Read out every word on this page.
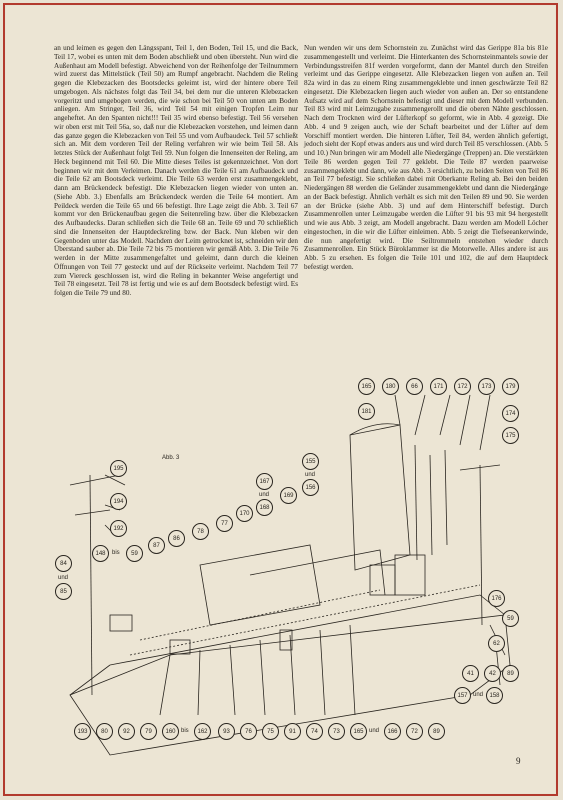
an und leimen es gegen den Längsspant, Teil 1, den Boden, Teil 15, und die Back, Teil 17, wobei es unten mit dem Boden abschließt und oben übersteht. Nun wird die Außenhaut am Modell befestigt. Abweichend von der Reihenfolge der Teilnummern wird zuerst das Mittelstück (Teil 50) am Rumpf angebracht. Nachdem die Reling gegen die Klebezacken des Bootsdecks geleimt ist, wird der hintere obere Teil umgebogen. Als nächstes folgt das Teil 34, bei dem nur die unteren Klebezacken vorgeritzt und umgebogen werden, die wie schon bei Teil 50 von unten am Boden anliegen. Am Stringer, Teil 36, wird Teil 54 mit einigen Tropfen Leim nur angeheftet. An den Spanten nicht!!! Teil 35 wird ebenso befestigt. Teil 56 versehen wir oben erst mit Teil 56a, so, daß nur die Klebezacken vorstehen, und leimen dann das ganze gegen die Klebezacken von Teil 55 und vom Aufbaudeck. Teil 57 schließt sich an. Mit dem vorderen Teil der Reling verfahren wir wie beim Teil 58. Als letztes Stück der Außenhaut folgt Teil 59. Nun folgen die Innenseiten der Reling, am Heck beginnend mit Teil 60. Die Mitte dieses Teiles ist gekennzeichnet. Von dort beginnen wir mit dem Verleimen. Danach werden die Teile 61 am Aufbaudeck und die Teile 62 am Bootsdeck verleimt. Die Teile 63 werden erst zusammengeklebt, dann am Brückendeck befestigt. Die Klebezacken liegen wieder von unten an. (Siehe Abb. 3.) Ebenfalls am Brückendeck werden die Teile 64 montiert. Am Peildeck werden die Teile 65 und 66 befestigt. Ihre Lage zeigt die Abb. 3. Teil 67 kommt vor den Brückenaufbau gegen die Seitenreling bzw. über die Klebezacken des Aufbaudecks. Daran schließen sich die Teile 68 an. Teile 69 und 70 schließlich sind die Innenseiten der Hauptdeckreling bzw. der Back. Nun kleben wir den Gegenboden unter das Modell. Nachdem der Leim getrocknet ist, schneiden wir den Überstand sauber ab. Die Teile 72 bis 75 montieren wir gemäß Abb. 3. Die Teile 76 werden in der Mitte zusammengefaltet und geleimt, dann durch die kleinen Öffnungen von Teil 77 gesteckt und auf der Rückseite verleimt. Nachdem Teil 77 zum Viereck geschlossen ist, wird die Reling in bekannter Weise angefertigt und Teil 78 eingesetzt. Teil 78 ist fertig und wie es auf dem Bootsdeck befestigt wird. Es folgen die Teile 79 und 80.

Nun wenden wir uns dem Schornstein zu. Zunächst wird das Gerippe 81a bis 81e zusammengestellt und verleimt. Die Hinterkanten des Schornsteinmantels sowie der Verbindungsstreifen 81f werden vorgeformt, dann der Mantel durch den Streifen verleimt und das Gerippe eingesetzt. Alle Klebezacken liegen von außen an. Teil 82a wird in das zu einem Ring zusammengeklebte und innen geschwärzte Teil 82 eingesetzt. Die Klebezacken liegen auch wieder von außen an. Der so entstandene Aufsatz wird auf dem Schornstein befestigt und dieser mit dem Modell verbunden. Teil 83 wird mit Leimzugabe zusammengerollt und die oberen Nähte geschlossen. Nach dem Trocknen wird der Lüfterkopf so geformt, wie in Abb. 4 gezeigt. Die Abb. 4 und 9 zeigen auch, wie der Schaft bearbeitet und der Lüfter auf dem Vorschiff montiert werden. Die hinteren Lüfter, Teil 84, werden ähnlich gefertigt, jedoch sieht der Kopf etwas anders aus und wird durch Teil 85 verschlossen. (Abb. 5 und 10.) Nun bringen wir am Modell alle Niedergänge (Treppen) an. Die verstärkten Teile 86 werden gegen Teil 77 geklebt. Die Teile 87 werden paarweise zusammengeklebt und dann, wie aus Abb. 3 ersichtlich, zu beiden Seiten von Teil 86 an Teil 77 befestigt. Sie schließen dabei mit Oberkante Reling ab. Bei den beiden Niedergängen 88 werden die Geländer zusammengeklebt und dann die Niedergänge an der Back befestigt. Ähnlich verhält es sich mit den Teilen 89 und 90. Sie werden an der Brücke (siehe Abb. 3) und auf dem Hinterschiff befestigt. Durch Zusammenrollen unter Leimzugabe werden die Lüfter 91 bis 93 mit 94 hergestellt und wie aus Abb. 3 zeigt, am Modell angebracht. Dazu werden am Modell Löcher eingestochen, in die wir die Lüfter einleimen. Abb. 5 zeigt die Tiefseeankerwinde, die nun angefertigt wird. Die Seiltrommeln entstehen wieder durch Zusammenrollen. Ein Stück Büroklammer ist die Motorwelle. Alles andere ist aus Abb. 5 zu ersehen. Es folgen die Teile 101 und 102, die auf dem Hauptdeck befestigt werden.

Abb. 3
165	180	66	171	172	173	179
174
175
195
194
192
84
und
85
148	bis	59
87
86
78
77
170
167
und
168
169
155
und
156
181
193	80	92	79	160 bis	162	93	76	75	91	74	73	165 und	166	72	89
176
62
41	42	89
157 und	158
59
9
